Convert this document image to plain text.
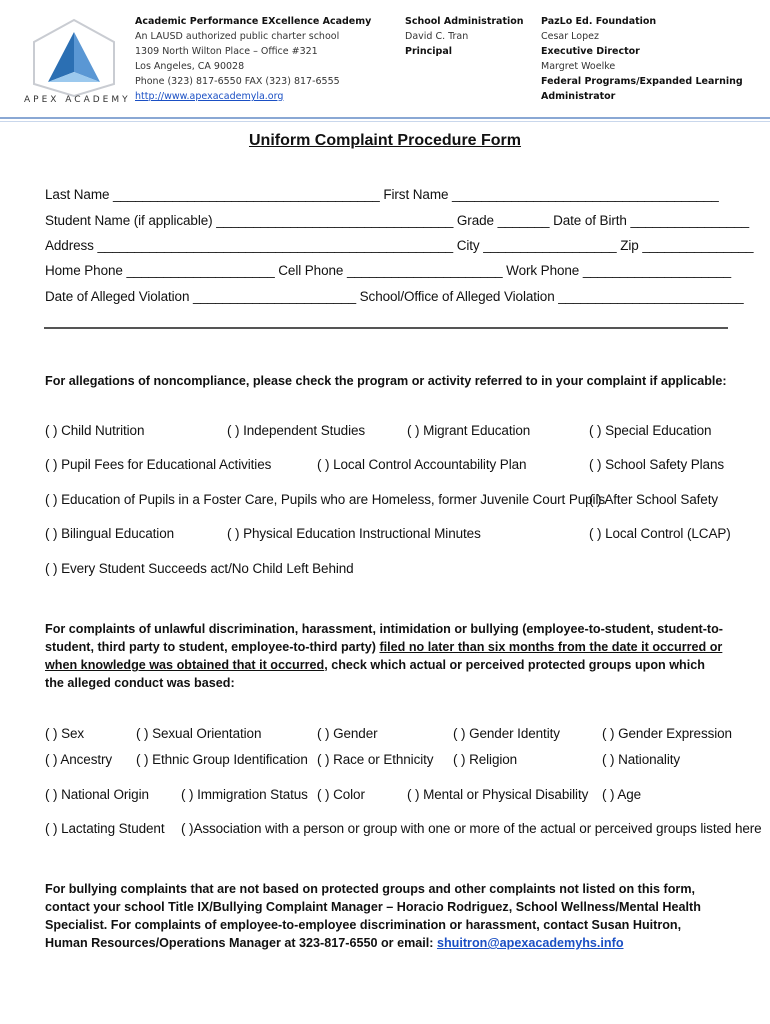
APEX ACADEMY
Academic Performance EXcellence Academy
An LAUSD authorized public charter school
1309 North Wilton Place – Office #321
Los Angeles, CA 90028
Phone (323) 817-6550 FAX (323) 817-6555
http://www.apexacademyla.org
School Administration
David C. Tran
Principal
PazLo Ed. Foundation
Cesar Lopez
Executive Director
Margret Woelke
Federal Programs/Expanded Learning
Administrator
Uniform Complaint Procedure Form
Last Name ____________________________________ First Name ____________________________________
Student Name (if applicable) ________________________________ Grade _______ Date of Birth ________________
Address ________________________________________________ City __________________ Zip _______________
Home Phone ____________________ Cell Phone _____________________ Work Phone ____________________
Date of Alleged Violation ______________________ School/Office of Alleged Violation _________________________
For allegations of noncompliance, please check the program or activity referred to in your complaint if applicable:
( ) Child Nutrition	( ) Independent Studies	( ) Migrant Education	( ) Special Education
( ) Pupil Fees for Educational Activities	( ) Local Control Accountability Plan	( ) School Safety Plans
( ) Education of Pupils in a Foster Care, Pupils who are Homeless, former Juvenile Court Pupils
( ) After School Safety
( ) Bilingual Education	( ) Physical Education Instructional Minutes	( ) Local Control (LCAP)
( ) Every Student Succeeds act/No Child Left Behind
For complaints of unlawful discrimination, harassment, intimidation or bullying (employee-to-student, student-to-student, third party to student, employee-to-third party) filed no later than six months from the date it occurred or when knowledge was obtained that it occurred, check which actual or perceived protected groups upon which the alleged conduct was based:
( ) Sex	( ) Sexual Orientation	( ) Gender	( ) Gender Identity	( ) Gender Expression
( ) Ancestry ( ) Ethnic Group Identification ( ) Race or Ethnicity ( ) Religion	( ) Nationality
( ) National Origin ( ) Immigration Status ( ) Color	( ) Mental or Physical Disability ( ) Age
( ) Lactating Student ( )Association with a person or group with one or more of the actual or perceived groups listed here
For bullying complaints that are not based on protected groups and other complaints not listed on this form, contact your school Title IX/Bullying Complaint Manager – Horacio Rodriguez, School Wellness/Mental Health Specialist. For complaints of employee-to-employee discrimination or harassment, contact Susan Huitron, Human Resources/Operations Manager at 323-817-6550 or email: shuitron@apexacademyhs.info
